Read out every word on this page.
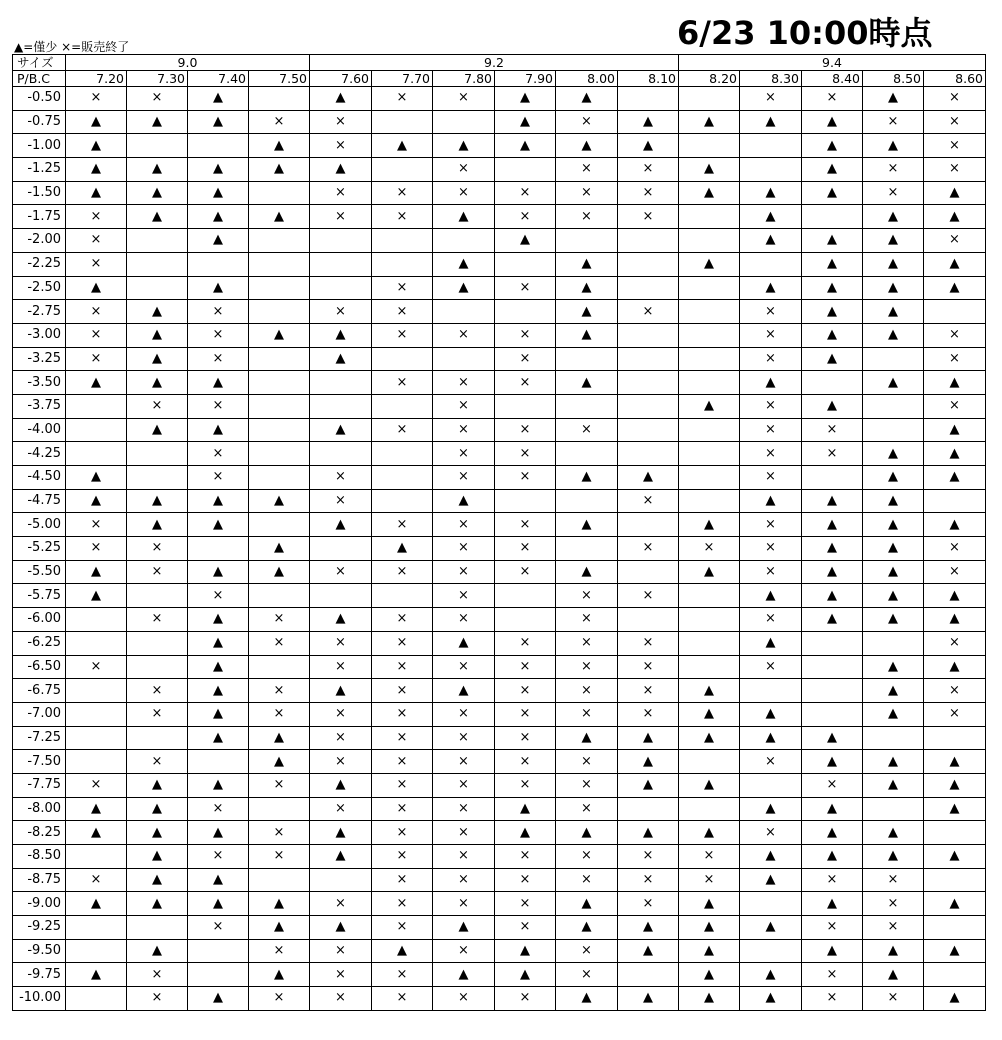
6/23 10:00時点
▲=僅少 ×=販売終了
サイズ	9.0				9.2						9.4				
P/B.C	7.20	7.30	7.40	7.50	7.60	7.70	7.80	7.90	8.00	8.10	8.20	8.30	8.40	8.50	8.60
-0.50	×	×	▲		▲	×	×	▲	▲			×	×	▲	×
-0.75	▲	▲	▲	×	×			▲	×	▲	▲	▲	▲	×	×
-1.00	▲			▲	×	▲	▲	▲	▲	▲			▲	▲	×
-1.25	▲	▲	▲	▲	▲		×		×	×	▲		▲	×	×
-1.50	▲	▲	▲		×	×	×	×	×	×	▲	▲	▲	×	▲
-1.75	×	▲	▲	▲	×	×	▲	×	×	×		▲		▲	▲
-2.00	×		▲					▲				▲	▲	▲	×
-2.25	×						▲		▲		▲		▲	▲	▲
-2.50	▲		▲			×	▲	×	▲			▲	▲	▲	▲
-2.75	×	▲	×		×	×			▲	×		×	▲	▲	
-3.00	×	▲	×	▲	▲	×	×	×	▲			×	▲	▲	×
-3.25	×	▲	×		▲			×				×	▲		×
-3.50	▲	▲	▲			×	×	×	▲			▲		▲	▲
-3.75		×	×				×				▲	×	▲		×
-4.00		▲	▲		▲	×	×	×	×			×	×		▲
-4.25			×				×	×				×	×	▲	▲
-4.50	▲		×		×		×	×	▲	▲		×		▲	▲
-4.75	▲	▲	▲	▲	×		▲			×		▲	▲	▲	
-5.00	×	▲	▲		▲	×	×	×	▲		▲	×	▲	▲	▲
-5.25	×	×		▲		▲	×	×		×	×	×	▲	▲	×
-5.50	▲	×	▲	▲	×	×	×	×	▲		▲	×	▲	▲	×
-5.75	▲		×				×		×	×		▲	▲	▲	▲
-6.00		×	▲	×	▲	×	×		×			×	▲	▲	▲
-6.25			▲	×	×	×	▲	×	×	×		▲			×
-6.50	×		▲		×	×	×	×	×	×		×		▲	▲
-6.75		×	▲	×	▲	×	▲	×	×	×	▲			▲	×
-7.00		×	▲	×	×	×	×	×	×	×	▲	▲		▲	×
-7.25			▲	▲	×	×	×	×	▲	▲	▲	▲	▲		
-7.50		×		▲	×	×	×	×	×	▲		×	▲	▲	▲
-7.75	×	▲	▲	×	▲	×	×	×	×	▲	▲		×	▲	▲
-8.00	▲	▲	×		×	×	×	▲	×			▲	▲		▲
-8.25	▲	▲	▲	×	▲	×	×	▲	▲	▲	▲	×	▲	▲	
-8.50		▲	×	×	▲	×	×	×	×	×	×	▲	▲	▲	▲
-8.75	×	▲	▲			×	×	×	×	×	×	▲	×	×	
-9.00	▲	▲	▲	▲	×	×	×	×	▲	×	▲		▲	×	▲
-9.25			×	▲	▲	×	▲	×	▲	▲	▲	▲	×	×	
-9.50		▲		×	×	▲	×	▲	×	▲	▲		▲	▲	▲
-9.75	▲	×		▲	×	×	▲	▲	×		▲	▲	×	▲	
-10.00		×	▲	×	×	×	×	×	▲	▲	▲	▲	×	×	▲
